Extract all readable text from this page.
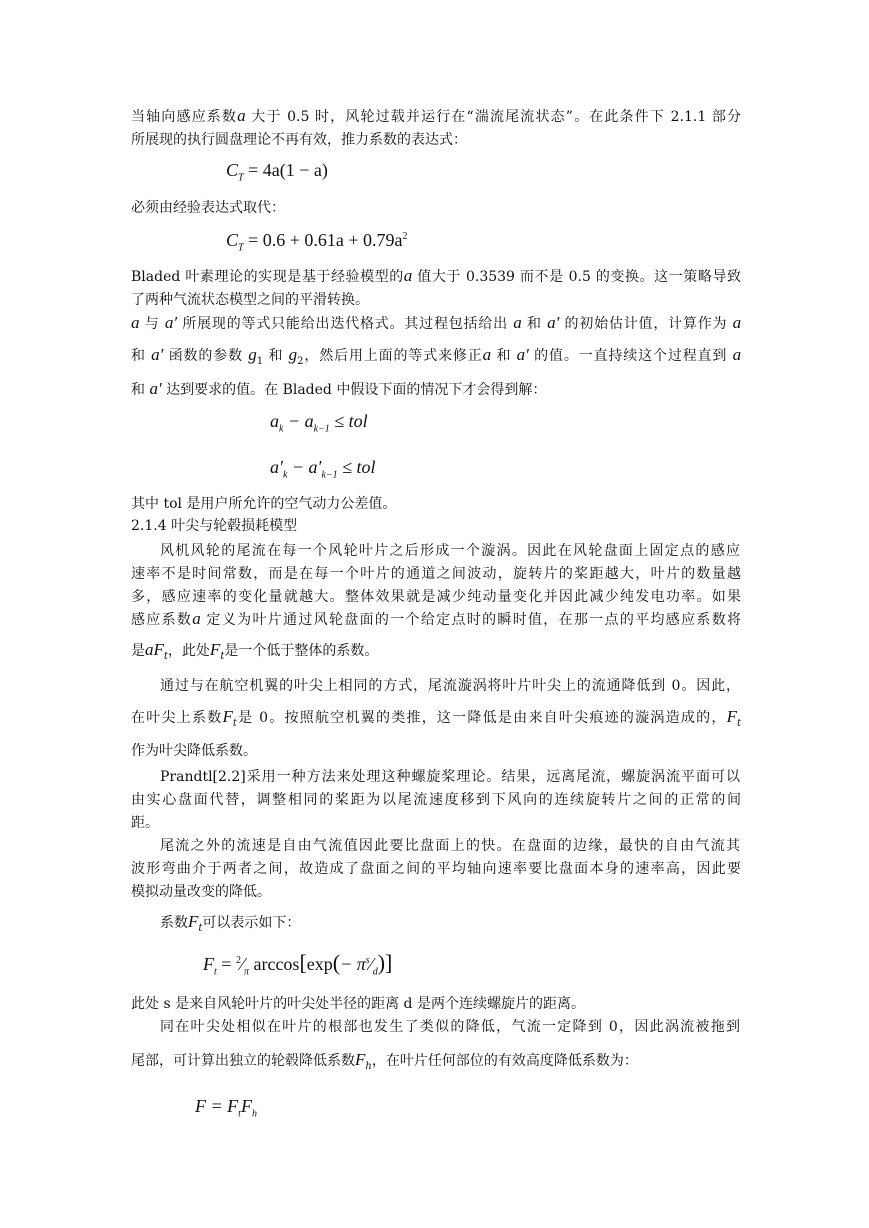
当轴向感应系数a 大于 0.5 时，风轮过载并运行在“湍流尾流状态”。在此条件下 2.1.1 部分
所展现的执行圆盘理论不再有效，推力系数的表达式：
$C_T = 4a(1 - a)$
必须由经验表达式取代：
$C_T = 0.6 + 0.61a + 0.79a^2$
Bladed 叶素理论的实现是基于经验模型的a 值大于 0.3539 而不是 0.5 的变换。这一策略导致
了两种气流状态模型之间的平滑转换。
a 与 a′ 所展现的等式只能给出迭代格式。其过程包括给出 a 和 a′ 的初始估计值，计算作为 a
和 a′ 函数的参数 $g_1$ 和 $g_2$，然后用上面的等式来修正a 和 a′ 的值。一直持续这个过程直到 a
和 a′ 达到要求的值。在 Bladed 中假设下面的情况下才会得到解：
$a_k - a_{k-1}$ ≤ tol
$a'_k - a'_{k-1}$ ≤ tol
其中 tol 是用户所允许的空气动力公差值。
2.1.4 叶尖与轮毂损耗模型
风机风轮的尾流在每一个风轮叶片之后形成一个漩涡。因此在风轮盘面上固定点的感应
速率不是时间常数，而是在每一个叶片的通道之间波动，旋转片的桨距越大，叶片的数量越
多，感应速率的变化量就越大。整体效果就是减少纯动量变化并因此减少纯发电功率。如果
感应系数a 定义为叶片通过风轮盘面的一个给定点时的瞬时值，在那一点的平均感应系数将
是$aF_t$，此处$F_t$是一个低于整体的系数。
通过与在航空机翼的叶尖上相同的方式，尾流漩涡将叶片叶尖上的流通降低到 0。因此，
在叶尖上系数$F_t$是 0。按照航空机翼的类推，这一降低是由来自叶尖痕迹的漩涡造成的，$F_t$
作为叶尖降低系数。
Prandtl[2.2]采用一种方法来处理这种螺旋桨理论。结果，远离尾流，螺旋涡流平面可以
由实心盘面代替，调整相同的桨距为以尾流速度移到下风向的连续旋转片之间的正常的间
距。
尾流之外的流速是自由气流值因此要比盘面上的快。在盘面的边缘，最快的自由气流其
波形弯曲介于两者之间，故造成了盘面之间的平均轴向速率要比盘面本身的速率高，因此要
模拟动量改变的降低。
系数$F_t$可以表示如下：
$F_t$ = $^2⁄_\pi$ $\arccos[\exp(- \pi^s⁄_d)]$
此处 s 是来自风轮叶片的叶尖处半径的距离 d 是两个连续螺旋片的距离。
同在叶尖处相似在叶片的根部也发生了类似的降低，气流一定降到 0，因此涡流被拖到
尾部，可计算出独立的轮毂降低系数$F_h$，在叶片任何部位的有效高度降低系数为：
$F = F_tF_h$
